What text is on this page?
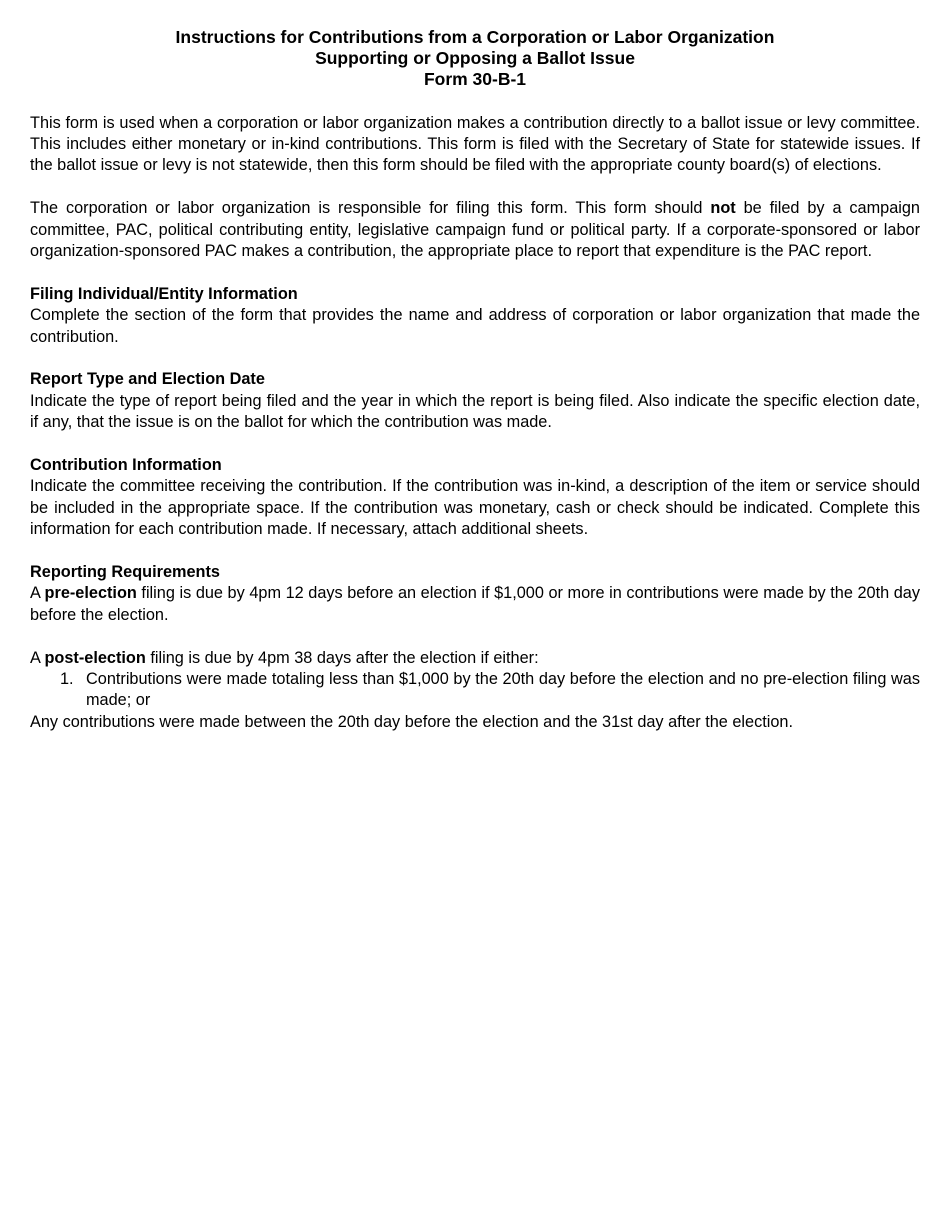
Instructions for Contributions from a Corporation or Labor Organization
Supporting or Opposing a Ballot Issue
Form 30-B-1

This form is used when a corporation or labor organization makes a contribution directly to a ballot issue or levy committee. This includes either monetary or in-kind contributions. This form is filed with the Secretary of State for statewide issues. If the ballot issue or levy is not statewide, then this form should be filed with the appropriate county board(s) of elections.

The corporation or labor organization is responsible for filing this form. This form should not be filed by a campaign committee, PAC, political contributing entity, legislative campaign fund or political party. If a corporate-sponsored or labor organization-sponsored PAC makes a contribution, the appropriate place to report that expenditure is the PAC report.

Filing Individual/Entity Information

Complete the section of the form that provides the name and address of corporation or labor organization that made the contribution.

Report Type and Election Date

Indicate the type of report being filed and the year in which the report is being filed. Also indicate the specific election date, if any, that the issue is on the ballot for which the contribution was made.

Contribution Information

Indicate the committee receiving the contribution. If the contribution was in-kind, a description of the item or service should be included in the appropriate space. If the contribution was monetary, cash or check should be indicated. Complete this information for each contribution made. If necessary, attach additional sheets.

Reporting Requirements

A pre-election filing is due by 4pm 12 days before an election if $1,000 or more in contributions were made by the 20th day before the election.

A post-election filing is due by 4pm 38 days after the election if either:

1. Contributions were made totaling less than $1,000 by the 20th day before the election and no pre-election filing was made; or

Any contributions were made between the 20th day before the election and the 31st day after the election.
